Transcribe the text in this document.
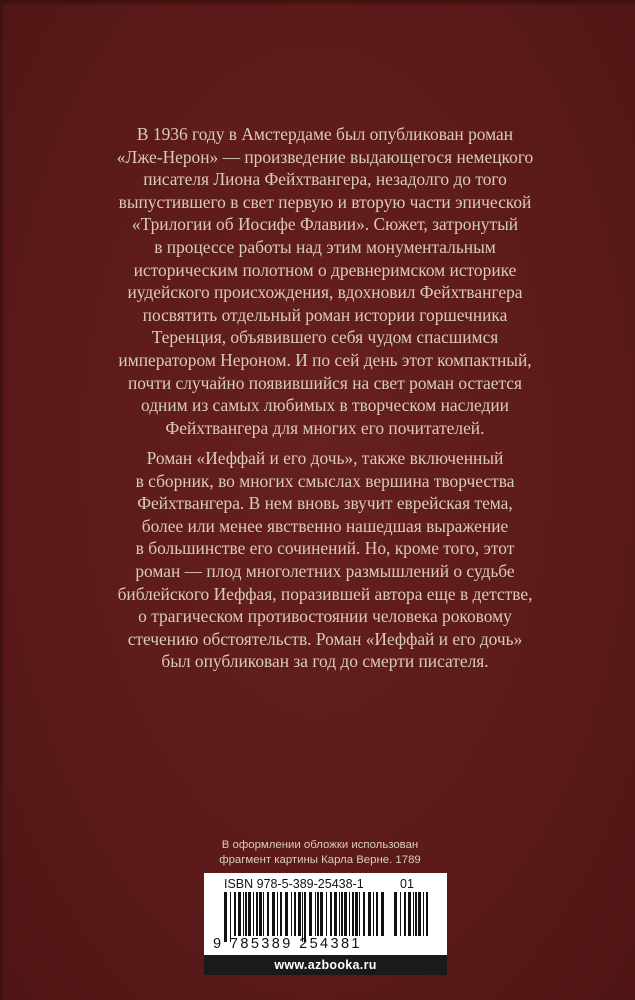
В 1936 году в Амстердаме был опубликован роман
«Лже-Нерон» — произведение выдающегося немецкого
писателя Лиона Фейхтвангера, незадолго до того
выпустившего в свет первую и вторую части эпической
«Трилогии об Иосифе Флавии». Сюжет, затронутый
в процессе работы над этим монументальным
историческим полотном о древнеримском историке
иудейского происхождения, вдохновил Фейхтвангера
посвятить отдельный роман истории горшечника
Теренция, объявившего себя чудом спасшимся
императором Нероном. И по сей день этот компактный,
почти случайно появившийся на свет роман остается
одним из самых любимых в творческом наследии
Фейхтвангера для многих его почитателей.

Роман «Иеффай и его дочь», также включенный
в сборник, во многих смыслах вершина творчества
Фейхтвангера. В нем вновь звучит еврейская тема,
более или менее явственно нашедшая выражение
в большинстве его сочинений. Но, кроме того, этот
роман — плод многолетних размышлений о судьбе
библейского Иеффая, поразившей автора еще в детстве,
о трагическом противостоянии человека роковому
стечению обстоятельств. Роман «Иеффай и его дочь»
был опубликован за год до смерти писателя.

В оформлении обложки использован
фрагмент картины Карла Верне. 1789
ISBN 978-5-389-25438-1	01
9 785389 254381
www.azbooka.ru
